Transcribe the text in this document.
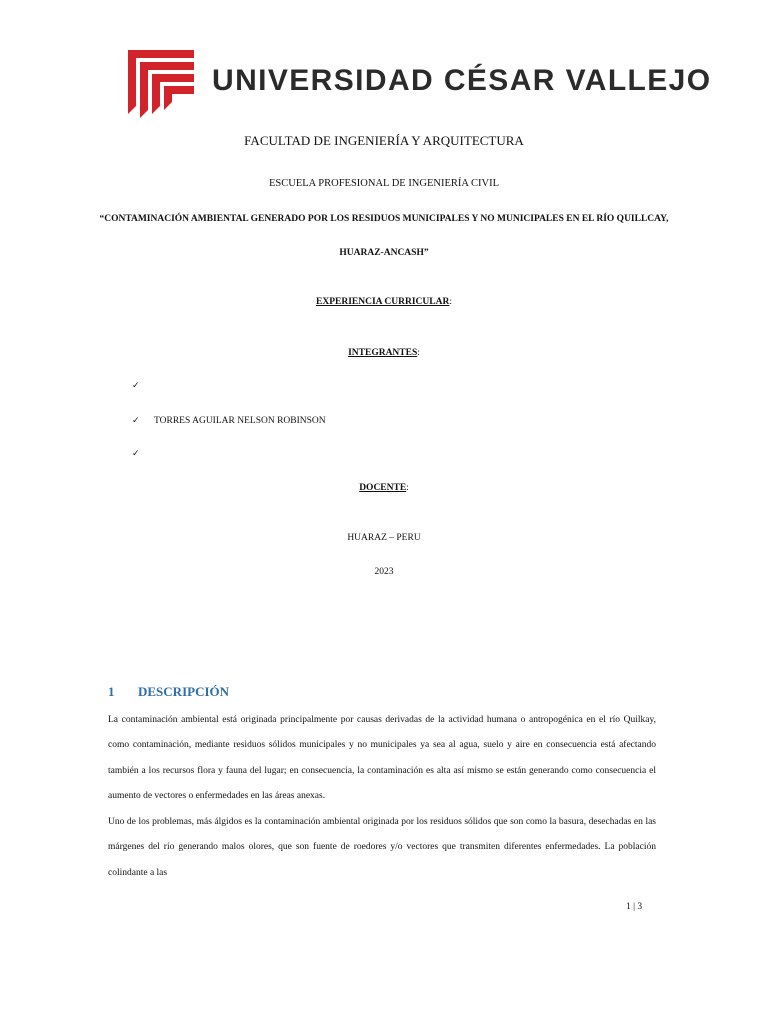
UNIVERSIDAD CÉSAR VALLEJO
FACULTAD DE INGENIERÍA Y ARQUITECTURA
ESCUELA PROFESIONAL DE INGENIERÍA CIVIL
“CONTAMINACIÓN AMBIENTAL GENERADO POR LOS RESIDUOS MUNICIPALES Y NO MUNICIPALES EN EL RÍO QUILLCAY,
HUARAZ-ANCASH”
EXPERIENCIA CURRICULAR:
INTEGRANTES:
✓
✓ TORRES AGUILAR NELSON ROBINSON
✓
DOCENTE:
HUARAZ – PERU
2023
1 DESCRIPCIÓN

La contaminación ambiental está originada principalmente por causas derivadas de la actividad humana o antropogénica en el río Quilkay, como contaminación, mediante residuos sólidos municipales y no municipales ya sea al agua, suelo y aire en consecuencia está afectando también a los recursos flora y fauna del lugar; en consecuencia, la contaminación es alta así mismo se están generando como consecuencia el aumento de vectores o enfermedades en las áreas anexas.

Uno de los problemas, más álgidos es la contaminación ambiental originada por los residuos sólidos que son como la basura, desechadas en las márgenes del río generando malos olores, que son fuente de roedores y/o vectores que transmiten diferentes enfermedades. La población colindante a las

1 | 3
